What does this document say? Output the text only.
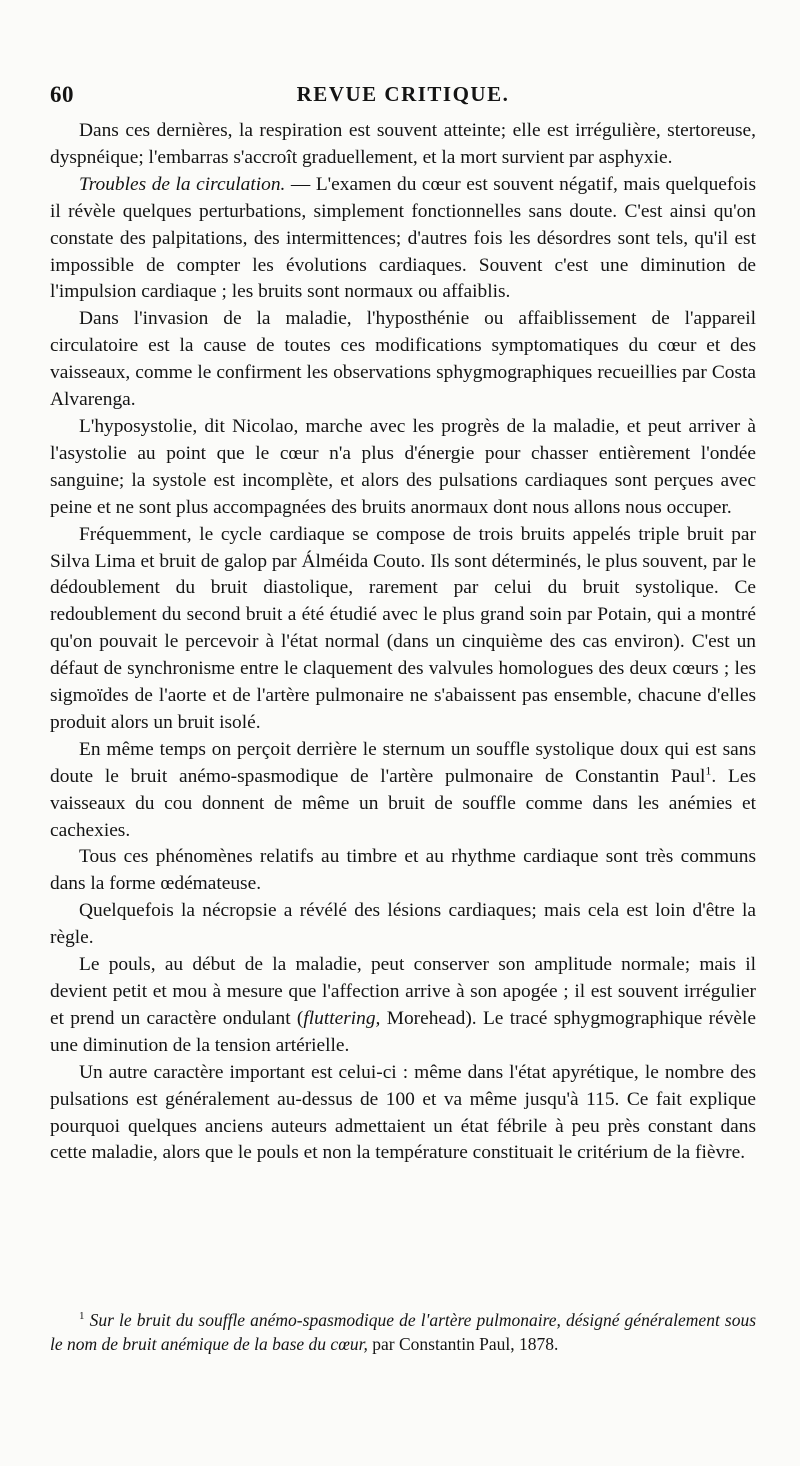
60	REVUE CRITIQUE.

Dans ces dernières, la respiration est souvent atteinte; elle est irrégulière, stertoreuse, dyspnéique; l'embarras s'accroît graduellement, et la mort survient par asphyxie.

Troubles de la circulation. — L'examen du cœur est souvent négatif, mais quelquefois il révèle quelques perturbations, simplement fonctionnelles sans doute. C'est ainsi qu'on constate des palpitations, des intermittences; d'autres fois les désordres sont tels, qu'il est impossible de compter les évolutions cardiaques. Souvent c'est une diminution de l'impulsion cardiaque ; les bruits sont normaux ou affaiblis.

Dans l'invasion de la maladie, l'hyposthénie ou affaiblissement de l'appareil circulatoire est la cause de toutes ces modifications symptomatiques du cœur et des vaisseaux, comme le confirment les observations sphygmographiques recueillies par Costa Alvarenga.

L'hyposystolie, dit Nicolao, marche avec les progrès de la maladie, et peut arriver à l'asystolie au point que le cœur n'a plus d'énergie pour chasser entièrement l'ondée sanguine; la systole est incomplète, et alors des pulsations cardiaques sont perçues avec peine et ne sont plus accompagnées des bruits anormaux dont nous allons nous occuper.

Fréquemment, le cycle cardiaque se compose de trois bruits appelés triple bruit par Silva Lima et bruit de galop par Álméida Couto. Ils sont déterminés, le plus souvent, par le dédoublement du bruit diastolique, rarement par celui du bruit systolique. Ce redoublement du second bruit a été étudié avec le plus grand soin par Potain, qui a montré qu'on pouvait le percevoir à l'état normal (dans un cinquième des cas environ). C'est un défaut de synchronisme entre le claquement des valvules homologues des deux cœurs ; les sigmoïdes de l'aorte et de l'artère pulmonaire ne s'abaissent pas ensemble, chacune d'elles produit alors un bruit isolé.

En même temps on perçoit derrière le sternum un souffle systolique doux qui est sans doute le bruit anémo-spasmodique de l'artère pulmonaire de Constantin Paul$^1$. Les vaisseaux du cou donnent de même un bruit de souffle comme dans les anémies et cachexies.

Tous ces phénomènes relatifs au timbre et au rhythme cardiaque sont très communs dans la forme œdémateuse.

Quelquefois la nécropsie a révélé des lésions cardiaques; mais cela est loin d'être la règle.

Le pouls, au début de la maladie, peut conserver son amplitude normale; mais il devient petit et mou à mesure que l'affection arrive à son apogée ; il est souvent irrégulier et prend un caractère ondulant (fluttering, Morehead). Le tracé sphygmographique révèle une diminution de la tension artérielle.

Un autre caractère important est celui-ci : même dans l'état apyrétique, le nombre des pulsations est généralement au-dessus de 100 et va même jusqu'à 115. Ce fait explique pourquoi quelques anciens auteurs admettaient un état fébrile à peu près constant dans cette maladie, alors que le pouls et non la température constituait le critérium de la fièvre.

$^1$ Sur le bruit du souffle anémo-spasmodique de l'artère pulmonaire, désigné généralement sous le nom de bruit anémique de la base du cœur, par Constantin Paul, 1878.
